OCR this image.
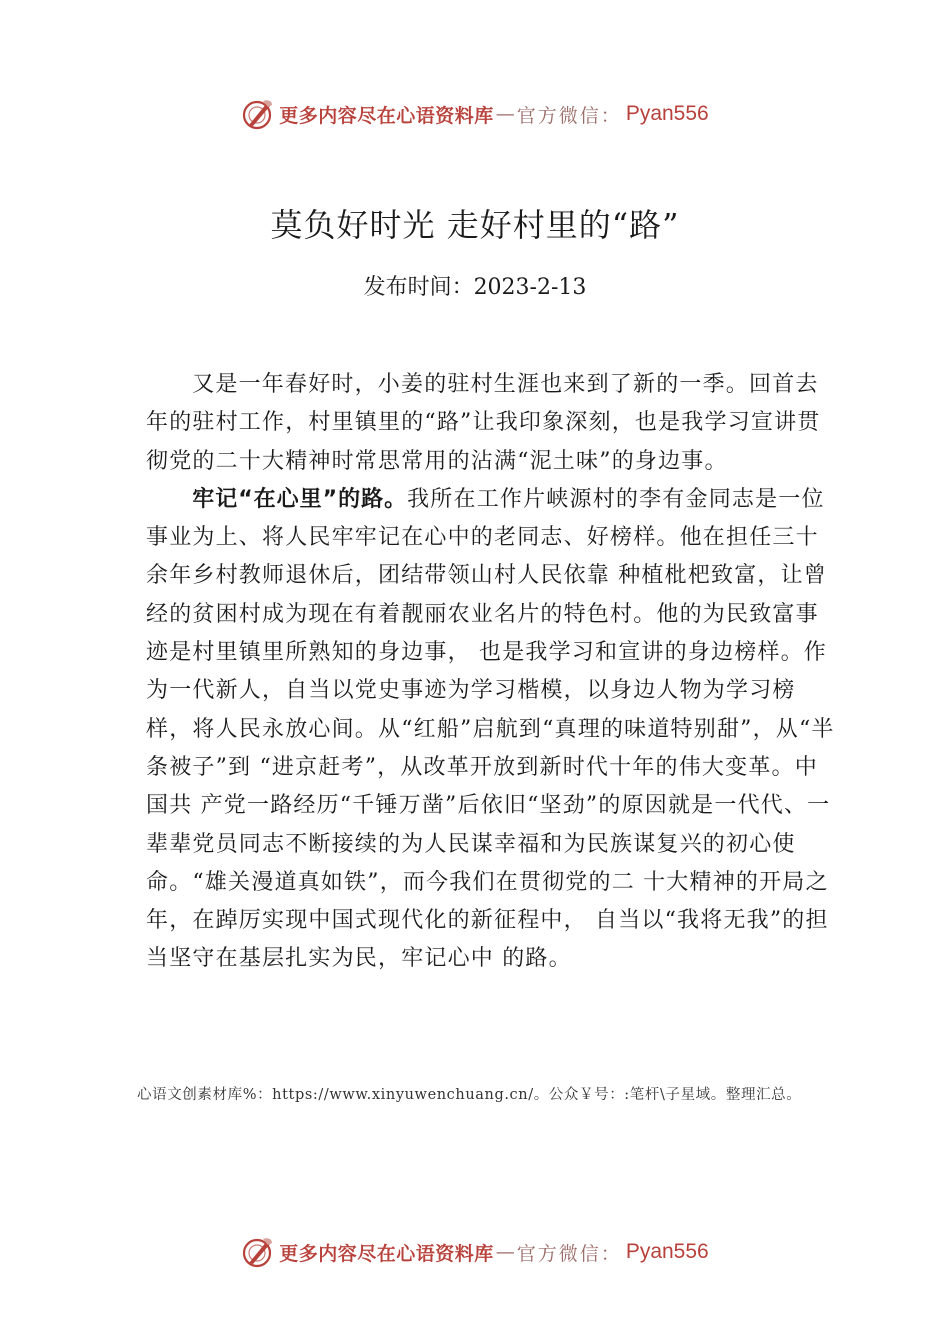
更多内容尽在心语资料库 — 官方微信： Pyan556
莫负好时光 走好村里的“路”
发布时间：2023-2-13

又是一年春好时，小姜的驻村生涯也来到了新的一季。回首去年的驻村工作，村里镇里的“路”让我印象深刻，也是我学习宣讲贯彻党的二十大精神时常思常用的沾满“泥土味”的身边事。

牢记“在心里”的路。我所在工作片峡源村的李有金同志是一位事业为上、将人民牢牢记在心中的老同志、好榜样。他在担任三十余年乡村教师退休后，团结带领山村人民依靠 种植枇杷致富，让曾经的贫困村成为现在有着靓丽农业名片的特色村。他的为民致富事迹是村里镇里所熟知的身边事， 也是我学习和宣讲的身边榜样。作为一代新人，自当以党史事迹为学习楷模，以身边人物为学习榜样，将人民永放心间。从“红船”启航到“真理的味道特别甜”，从“半条被子”到 “进京赶考”，从改革开放到新时代十年的伟大变革。中国共 产党一路经历“千锤万凿”后依旧“坚劲”的原因就是一代代、一辈辈党员同志不断接续的为人民谋幸福和为民族谋复兴的初心使命。“雄关漫道真如铁”，而今我们在贯彻党的二 十大精神的开局之年，在踔厉实现中国式现代化的新征程中， 自当以“我将无我”的担当坚守在基层扎实为民，牢记心中 的路。

心语文创素材库%：https://www.xinyuwenchuang.cn/。公众￥号：:笔杆\子星域。整理汇总。
更多内容尽在心语资料库 — 官方微信： Pyan556
